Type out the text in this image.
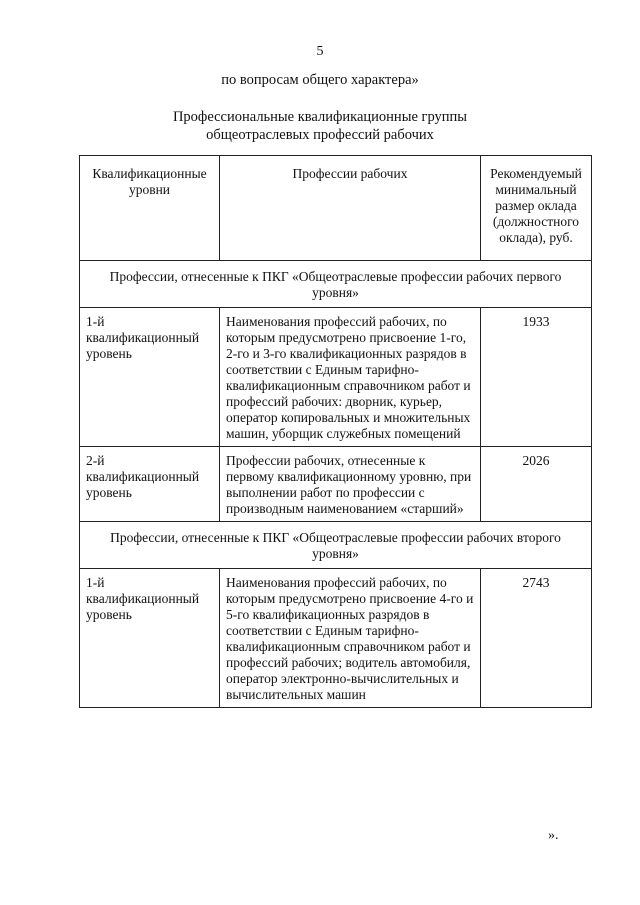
5
по вопросам общего характера»
Профессиональные квалификационные группы
общеотраслевых профессий рабочих
Квалификационные уровни	Профессии рабочих	Рекомендуемый минимальный размер оклада (должностного оклада), руб.
Профессии, отнесенные к ПКГ «Общеотраслевые профессии рабочих первого уровня»		
1-й квалификационный уровень	Наименования профессий рабочих, по которым предусмотрено присвоение 1-го, 2-го и 3-го квалификационных разрядов в соответствии с Единым тарифно-квалификационным справочником работ и профессий рабочих: дворник, курьер, оператор копировальных и множительных машин, уборщик служебных помещений	1933
2-й квалификационный уровень	Профессии рабочих, отнесенные к первому квалификационному уровню, при выполнении работ по профессии с производным наименованием «старший»	2026
Профессии, отнесенные к ПКГ «Общеотраслевые профессии рабочих второго уровня»		
1-й квалификационный уровень	Наименования профессий рабочих, по которым предусмотрено присвоение 4-го и 5-го квалификационных разрядов в соответствии с Единым тарифно-квалификационным справочником работ и профессий рабочих; водитель автомобиля, оператор электронно-вычислительных и вычислительных машин	2743
».
